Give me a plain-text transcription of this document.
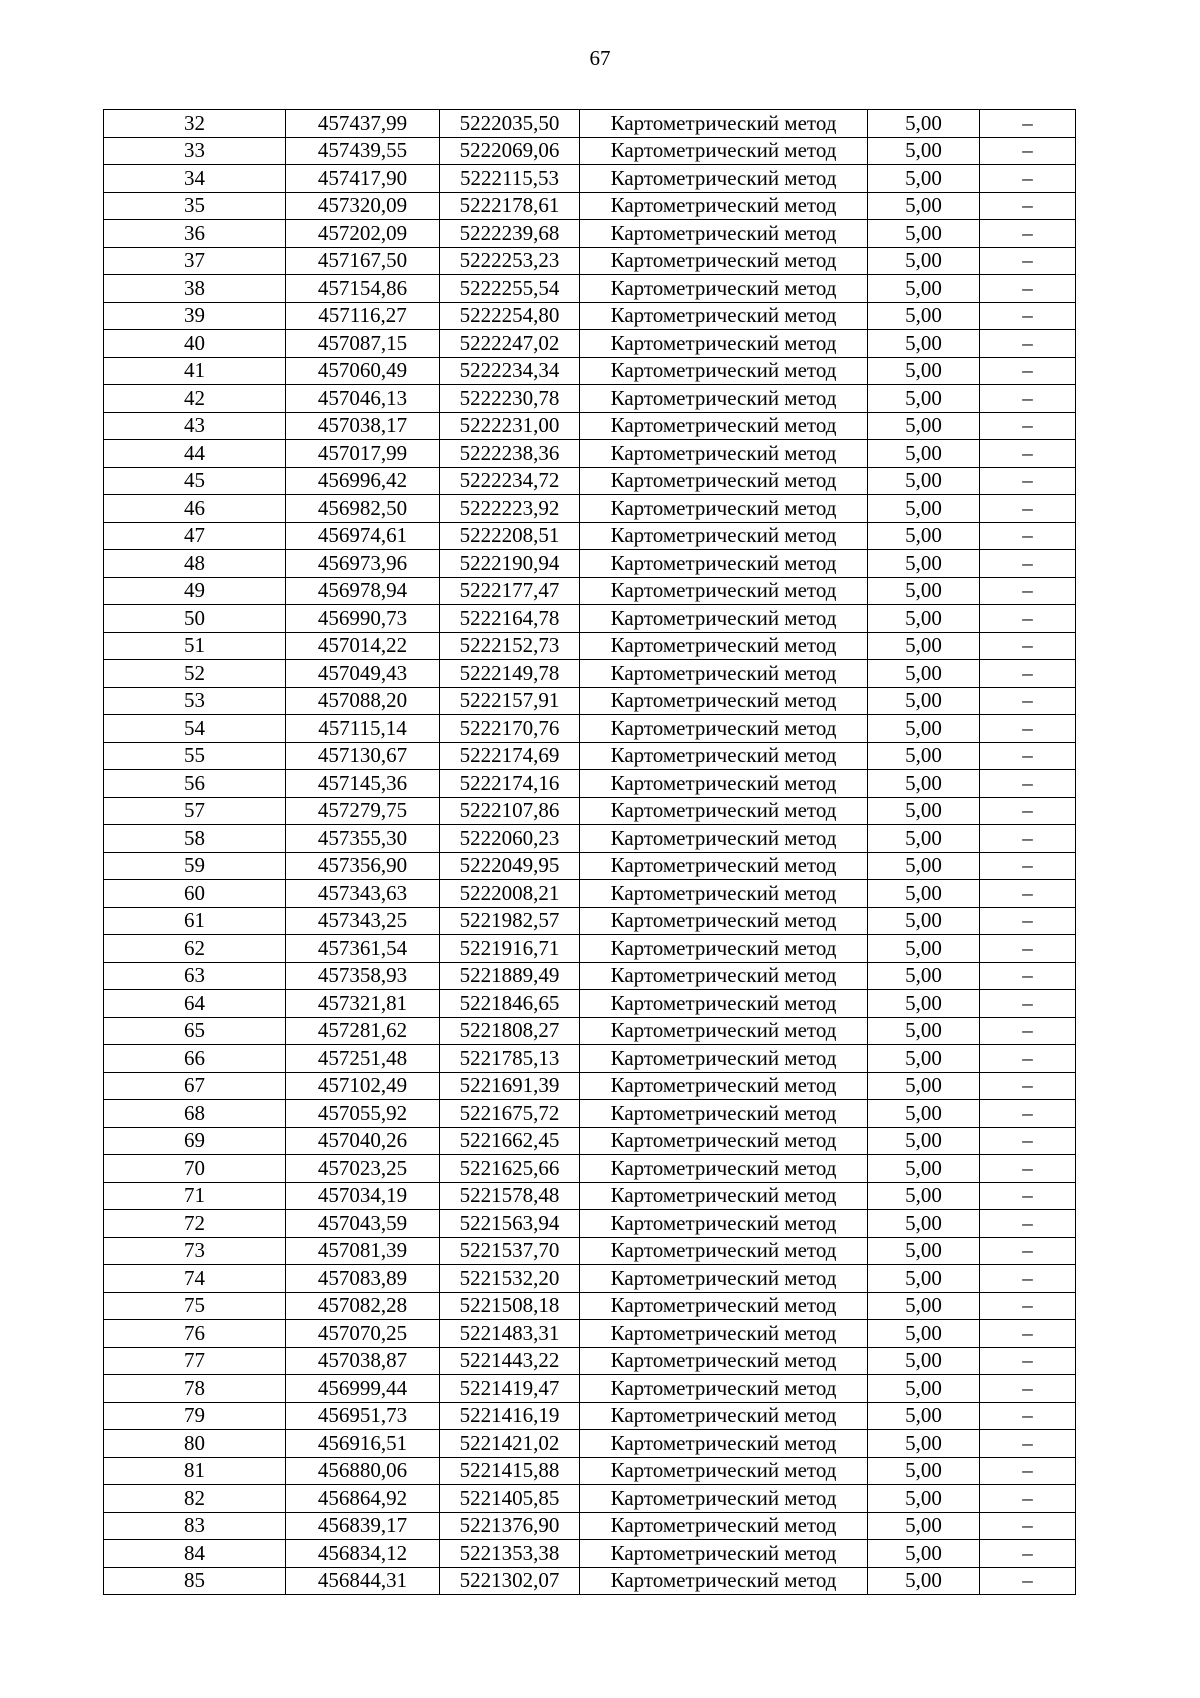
67
32	457437,99	5222035,50	Картометрический метод	5,00	–
33	457439,55	5222069,06	Картометрический метод	5,00	–
34	457417,90	5222115,53	Картометрический метод	5,00	–
35	457320,09	5222178,61	Картометрический метод	5,00	–
36	457202,09	5222239,68	Картометрический метод	5,00	–
37	457167,50	5222253,23	Картометрический метод	5,00	–
38	457154,86	5222255,54	Картометрический метод	5,00	–
39	457116,27	5222254,80	Картометрический метод	5,00	–
40	457087,15	5222247,02	Картометрический метод	5,00	–
41	457060,49	5222234,34	Картометрический метод	5,00	–
42	457046,13	5222230,78	Картометрический метод	5,00	–
43	457038,17	5222231,00	Картометрический метод	5,00	–
44	457017,99	5222238,36	Картометрический метод	5,00	–
45	456996,42	5222234,72	Картометрический метод	5,00	–
46	456982,50	5222223,92	Картометрический метод	5,00	–
47	456974,61	5222208,51	Картометрический метод	5,00	–
48	456973,96	5222190,94	Картометрический метод	5,00	–
49	456978,94	5222177,47	Картометрический метод	5,00	–
50	456990,73	5222164,78	Картометрический метод	5,00	–
51	457014,22	5222152,73	Картометрический метод	5,00	–
52	457049,43	5222149,78	Картометрический метод	5,00	–
53	457088,20	5222157,91	Картометрический метод	5,00	–
54	457115,14	5222170,76	Картометрический метод	5,00	–
55	457130,67	5222174,69	Картометрический метод	5,00	–
56	457145,36	5222174,16	Картометрический метод	5,00	–
57	457279,75	5222107,86	Картометрический метод	5,00	–
58	457355,30	5222060,23	Картометрический метод	5,00	–
59	457356,90	5222049,95	Картометрический метод	5,00	–
60	457343,63	5222008,21	Картометрический метод	5,00	–
61	457343,25	5221982,57	Картометрический метод	5,00	–
62	457361,54	5221916,71	Картометрический метод	5,00	–
63	457358,93	5221889,49	Картометрический метод	5,00	–
64	457321,81	5221846,65	Картометрический метод	5,00	–
65	457281,62	5221808,27	Картометрический метод	5,00	–
66	457251,48	5221785,13	Картометрический метод	5,00	–
67	457102,49	5221691,39	Картометрический метод	5,00	–
68	457055,92	5221675,72	Картометрический метод	5,00	–
69	457040,26	5221662,45	Картометрический метод	5,00	–
70	457023,25	5221625,66	Картометрический метод	5,00	–
71	457034,19	5221578,48	Картометрический метод	5,00	–
72	457043,59	5221563,94	Картометрический метод	5,00	–
73	457081,39	5221537,70	Картометрический метод	5,00	–
74	457083,89	5221532,20	Картометрический метод	5,00	–
75	457082,28	5221508,18	Картометрический метод	5,00	–
76	457070,25	5221483,31	Картометрический метод	5,00	–
77	457038,87	5221443,22	Картометрический метод	5,00	–
78	456999,44	5221419,47	Картометрический метод	5,00	–
79	456951,73	5221416,19	Картометрический метод	5,00	–
80	456916,51	5221421,02	Картометрический метод	5,00	–
81	456880,06	5221415,88	Картометрический метод	5,00	–
82	456864,92	5221405,85	Картометрический метод	5,00	–
83	456839,17	5221376,90	Картометрический метод	5,00	–
84	456834,12	5221353,38	Картометрический метод	5,00	–
85	456844,31	5221302,07	Картометрический метод	5,00	–
